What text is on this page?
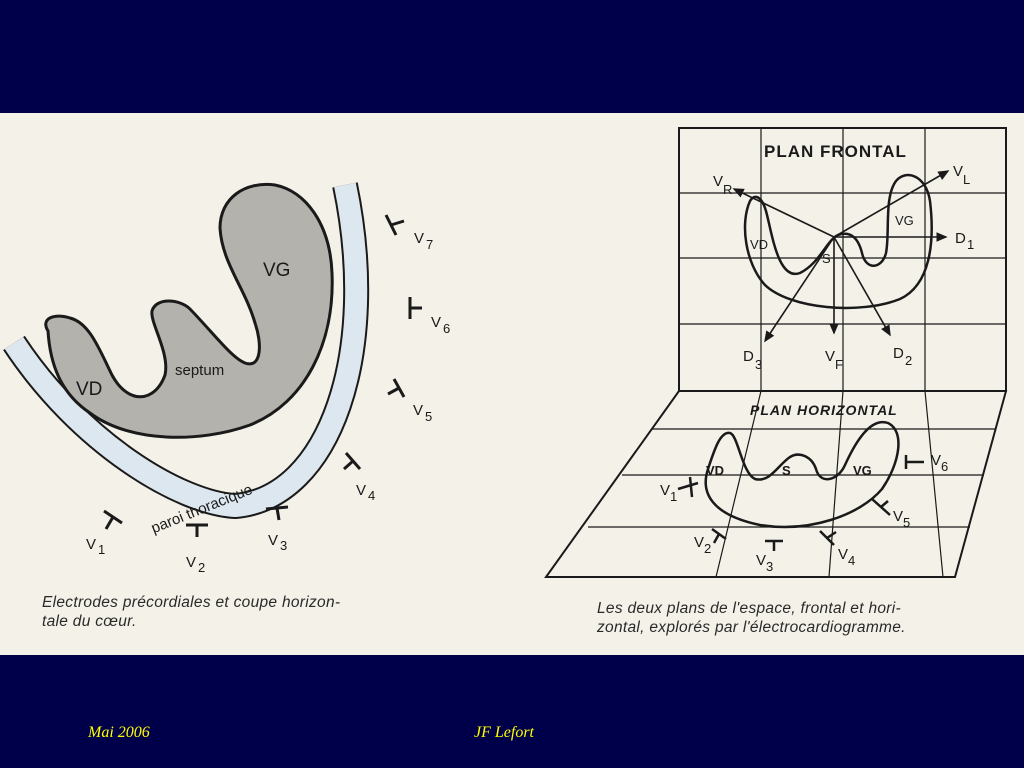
VG
VD
septum
paroi thoracique
V 1
V 2
V 3
V 4
V 5
V 6
V 7
PLAN FRONTAL
V R
V L
D 1
D 2
D 3	V F
VG
VD
S
PLAN HORIZONTAL
VD	S	VG
V 1
V 2
V 3
V 4
V 5
V 6
Electrodes précordiales et coupe horizon-
tale du cœur.
Les deux plans de l'espace, frontal et hori-
zontal, explorés par l'électrocardiogramme.
Mai 2006	JF Lefort
